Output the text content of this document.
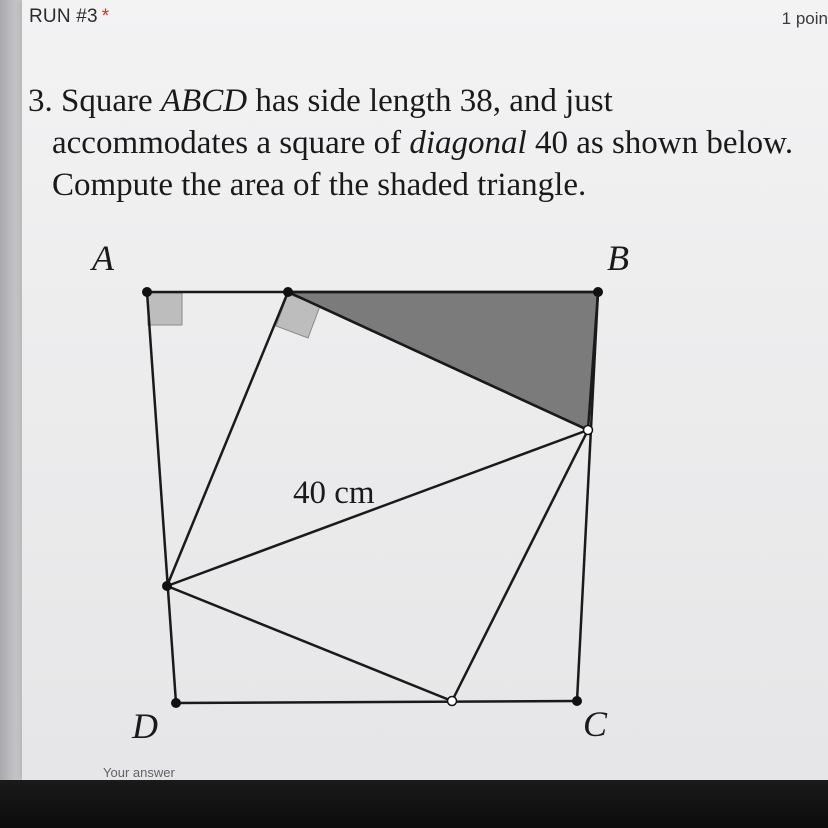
RUN #3 *	1 poin
3. Square ABCD has side length 38, and just
accommodates a square of diagonal 40 as shown below.
Compute the area of the shaded triangle.
A	B
D	C
40 cm
Your answer
